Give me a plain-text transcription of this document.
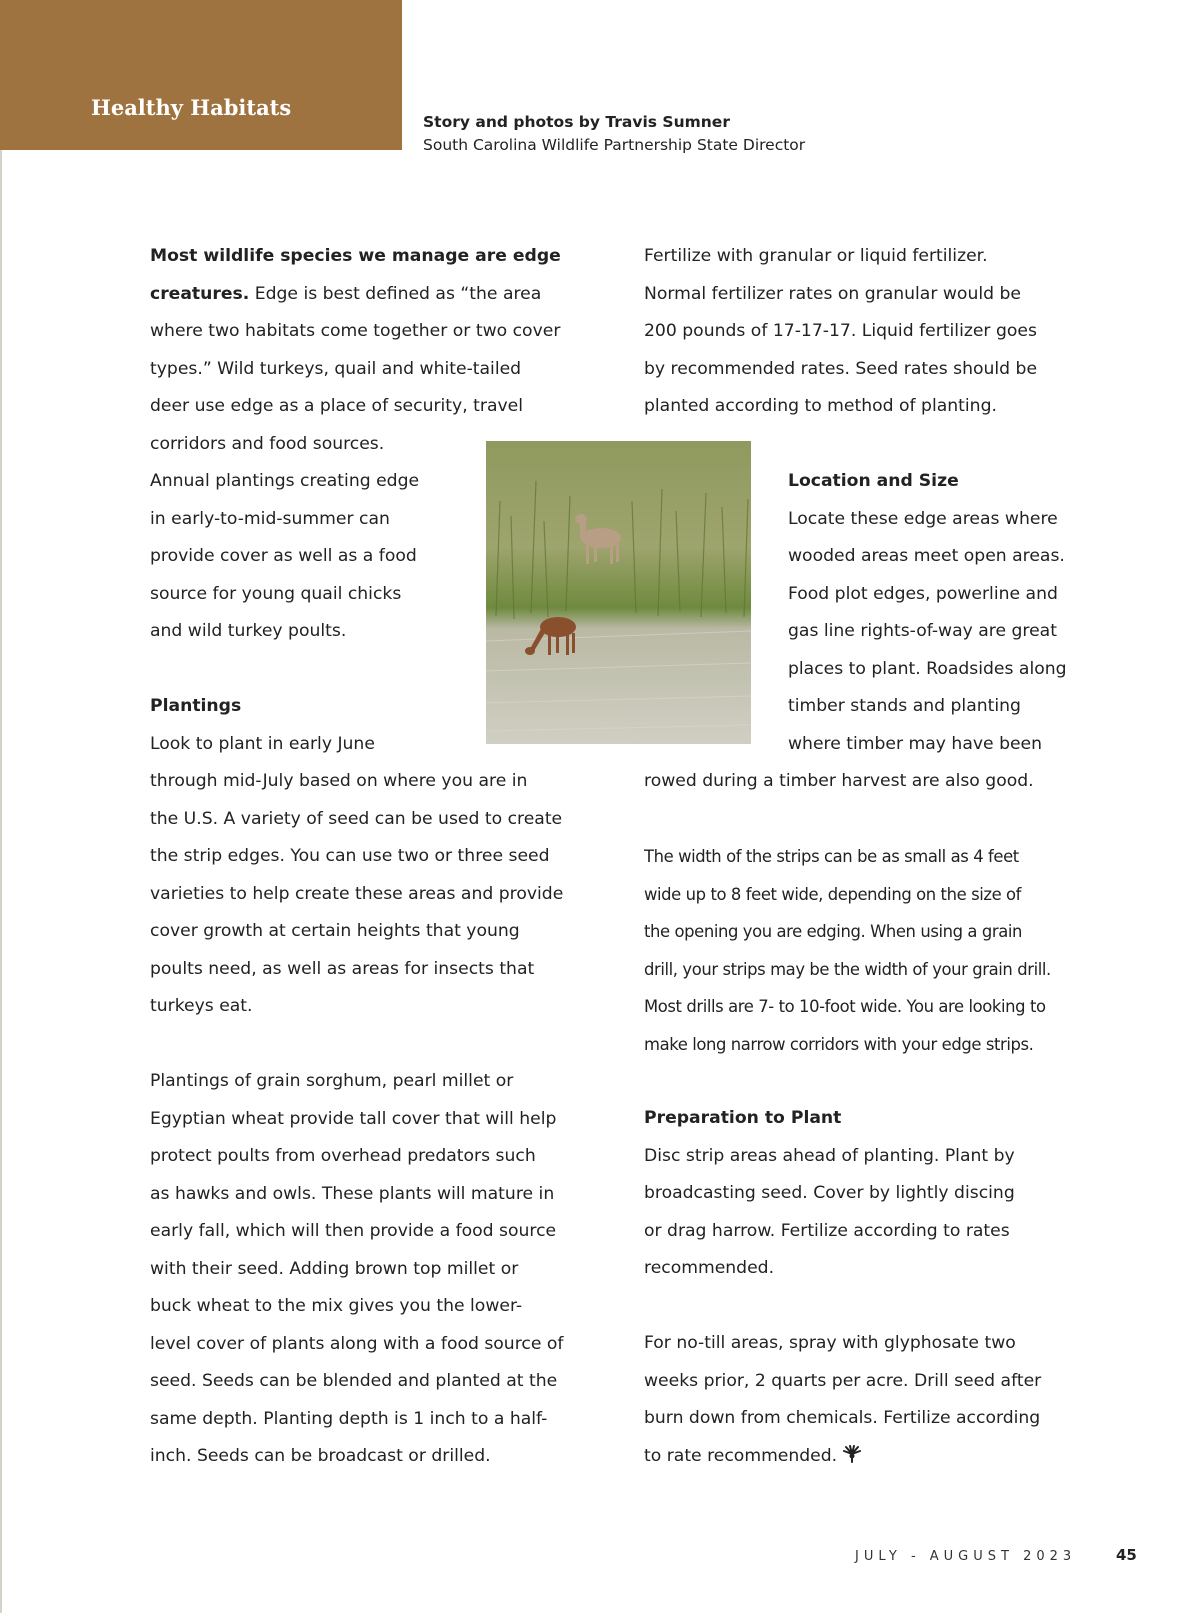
Healthy Habitats
Story and photos by Travis Sumner
South Carolina Wildlife Partnership State Director
Most wildlife species we manage are edge
creatures. Edge is best defined as “the area
where two habitats come together or two cover
types.” Wild turkeys, quail and white-tailed
deer use edge as a place of security, travel
corridors and food sources.
Annual plantings creating edge
in early-to-mid-summer can
provide cover as well as a food
source for young quail chicks
and wild turkey poults.
Plantings
Look to plant in early June
through mid-July based on where you are in
the U.S. A variety of seed can be used to create
the strip edges. You can use two or three seed
varieties to help create these areas and provide
cover growth at certain heights that young
poults need, as well as areas for insects that
turkeys eat.
Plantings of grain sorghum, pearl millet or
Egyptian wheat provide tall cover that will help
protect poults from overhead predators such
as hawks and owls. These plants will mature in
early fall, which will then provide a food source
with their seed. Adding brown top millet or
buck wheat to the mix gives you the lower-
level cover of plants along with a food source of
seed. Seeds can be blended and planted at the
same depth. Planting depth is 1 inch to a half-
inch. Seeds can be broadcast or drilled.
Fertilize with granular or liquid fertilizer.
Normal fertilizer rates on granular would be
200 pounds of 17-17-17. Liquid fertilizer goes
by recommended rates. Seed rates should be
planted according to method of planting.
Location and Size
Locate these edge areas where
wooded areas meet open areas.
Food plot edges, powerline and
gas line rights-of-way are great
places to plant. Roadsides along
timber stands and planting
where timber may have been
rowed during a timber harvest are also good.
The width of the strips can be as small as 4 feet
wide up to 8 feet wide, depending on the size of
the opening you are edging. When using a grain
drill, your strips may be the width of your grain drill.
Most drills are 7- to 10-foot wide. You are looking to
make long narrow corridors with your edge strips.
Preparation to Plant
Disc strip areas ahead of planting. Plant by
broadcasting seed. Cover by lightly discing
or drag harrow. Fertilize according to rates
recommended.
For no-till areas, spray with glyphosate two
weeks prior, 2 quarts per acre. Drill seed after
burn down from chemicals. Fertilize according
to rate recommended.
JULY - AUGUST 2023	45
